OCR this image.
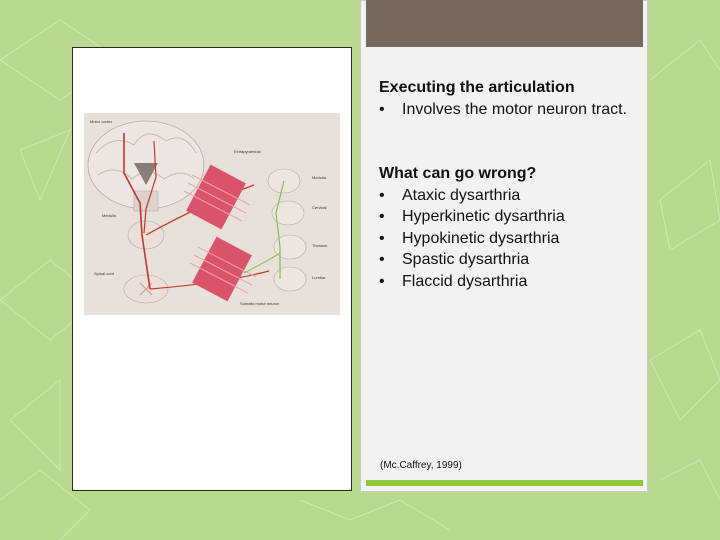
Motor cortex
Extrapyramidal
Medulla
Medulla
Cervical
Thoracic
Lumbar
Spinal cord
Somatic motor neuron
Executing the articulation
• Involves the motor neuron tract.
What can go wrong?
• Ataxic dysarthria
• Hyperkinetic dysarthria
• Hypokinetic dysarthria
• Spastic dysarthria
• Flaccid dysarthria
(Mc.Caffrey, 1999)
